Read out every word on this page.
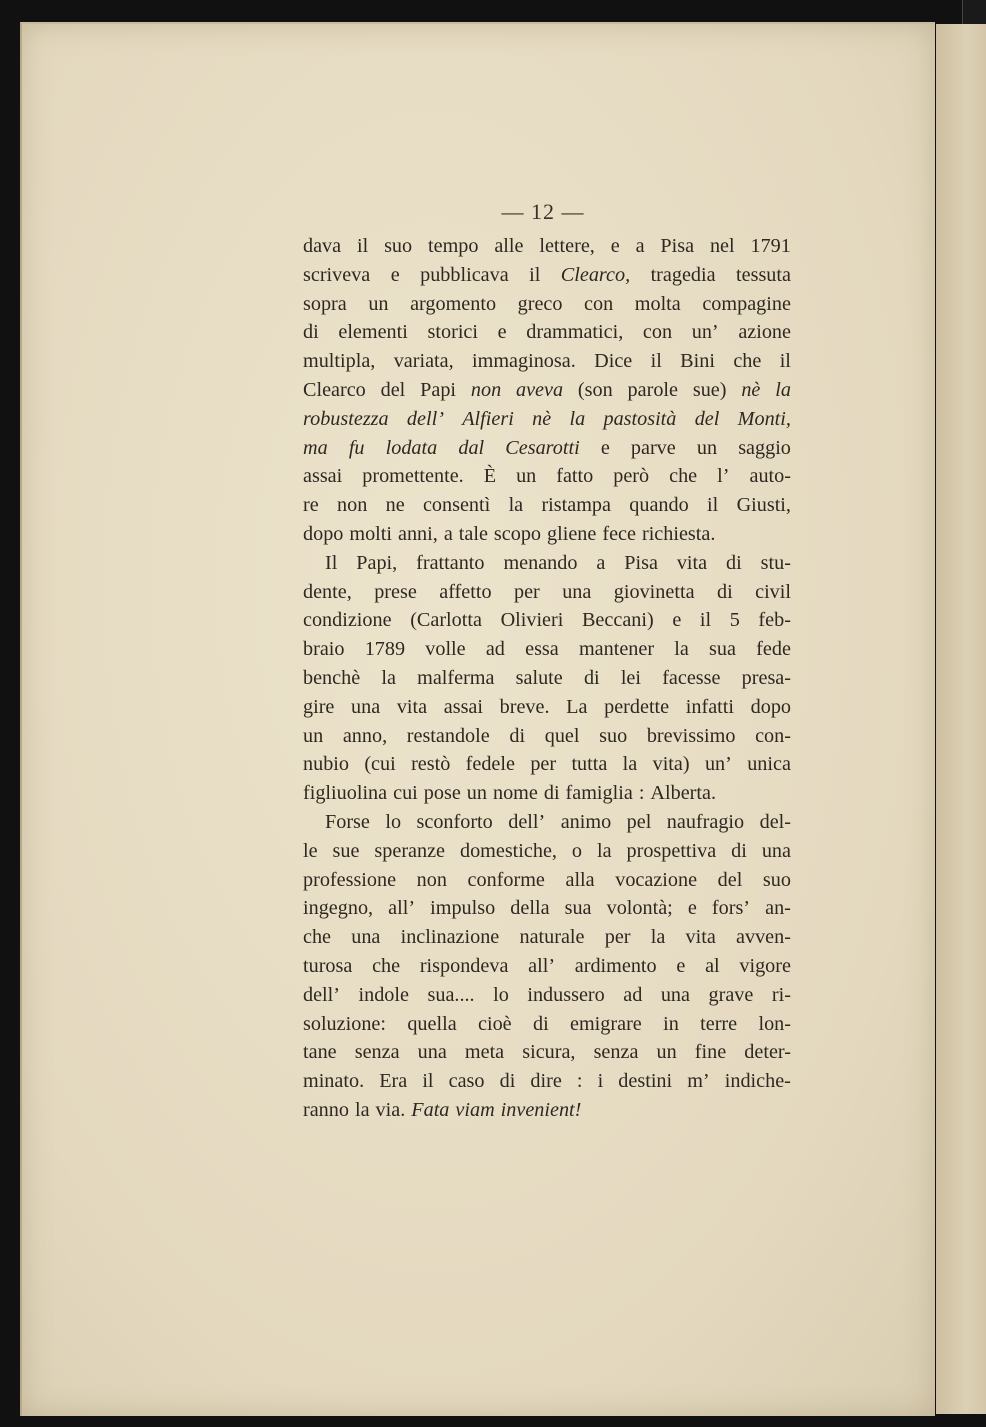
— 12 —
dava il suo tempo alle lettere, e a Pisa nel 1791
scriveva e pubblicava il Clearco, tragedia tessuta
sopra un argomento greco con molta compagine
di elementi storici e drammatici, con un’ azione
multipla, variata, immaginosa. Dice il Bini che il
Clearco del Papi non aveva (son parole sue) nè la
robustezza dell’ Alfieri nè la pastosità del Monti,
ma fu lodata dal Cesarotti e parve un saggio
assai promettente. È un fatto però che l’ auto-
re non ne consentì la ristampa quando il Giusti,
dopo molti anni, a tale scopo gliene fece richiesta.
Il Papi, frattanto menando a Pisa vita di stu-
dente, prese affetto per una giovinetta di civil
condizione (Carlotta Olivieri Beccani) e il 5 feb-
braio 1789 volle ad essa mantener la sua fede
benchè la malferma salute di lei facesse presa-
gire una vita assai breve. La perdette infatti dopo
un anno, restandole di quel suo brevissimo con-
nubio (cui restò fedele per tutta la vita) un’ unica
figliuolina cui pose un nome di famiglia : Alberta.
Forse lo sconforto dell’ animo pel naufragio del-
le sue speranze domestiche, o la prospettiva di una
professione non conforme alla vocazione del suo
ingegno, all’ impulso della sua volontà; e fors’ an-
che una inclinazione naturale per la vita avven-
turosa che rispondeva all’ ardimento e al vigore
dell’ indole sua.... lo indussero ad una grave ri-
soluzione: quella cioè di emigrare in terre lon-
tane senza una meta sicura, senza un fine deter-
minato. Era il caso di dire : i destini m’ indiche-
ranno la via. Fata viam invenient!
